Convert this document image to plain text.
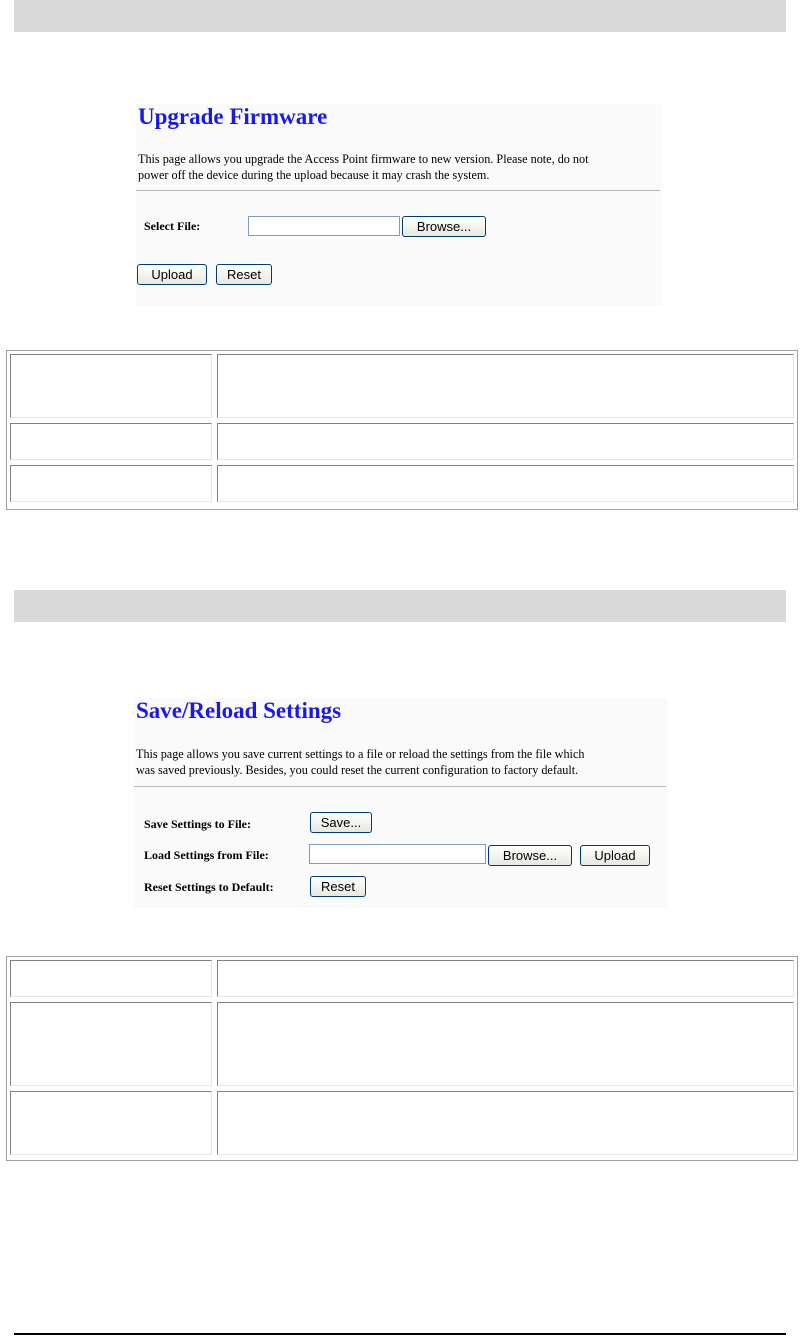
Upgrade Firmware
This page allows you upgrade the Access Point firmware to new version. Please note, do not
power off the device during the upload because it may crash the system.
Select File:	Browse...
Upload	Reset
Save/Reload Settings
This page allows you save current settings to a file or reload the settings from the file which
was saved previously. Besides, you could reset the current configuration to factory default.
Save Settings to File:	Save...
Load Settings from File:	Browse...	Upload
Reset Settings to Default:	Reset
